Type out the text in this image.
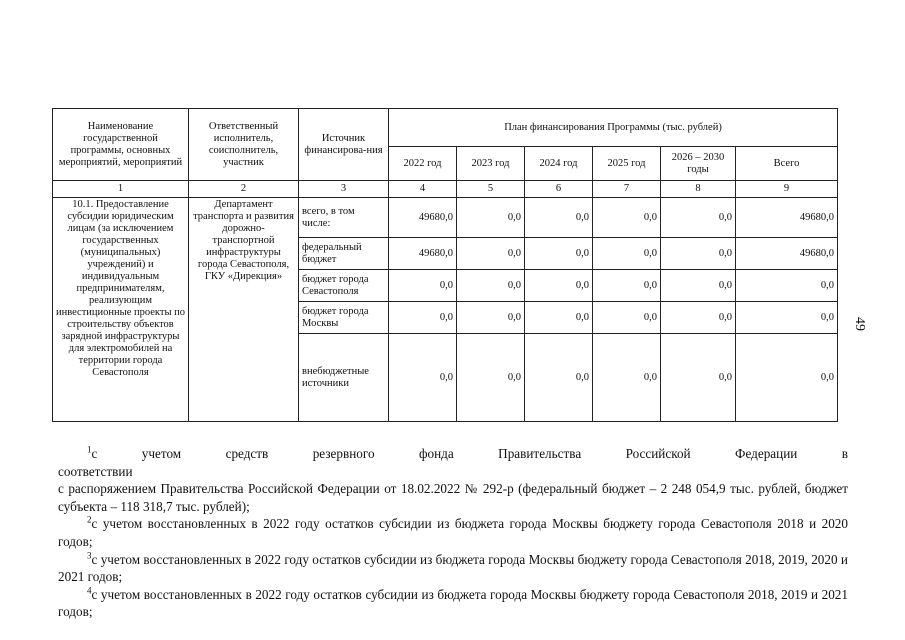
Наименование государственной программы, основных мероприятий, мероприятий	Ответственный исполнитель, соисполнитель, участник	Источник финансирова-ния	План финансирования Программы (тыс. рублей)					
			2022 год	2023 год	2024 год	2025 год	2026 – 2030 годы	Всего
1	2	3	4	5	6	7	8	9
10.1. Предоставление субсидии юридическим лицам (за исключением государственных (муниципальных) учреждений) и индивидуальным предпринимателям, реализующим инвестиционные проекты по строительству объектов зарядной инфраструктуры для электромобилей на территории города Севастополя	Департамент транспорта и развития дорожно-транспортной инфраструктуры города Севастополя, ГКУ «Дирекция»	всего, в том числе:	49680,0	0,0	0,0	0,0	0,0	49680,0
		федеральный бюджет	49680,0	0,0	0,0	0,0	0,0	49680,0
		бюджет города Севастополя	0,0	0,0	0,0	0,0	0,0	0,0
		бюджет города Москвы	0,0	0,0	0,0	0,0	0,0	0,0
		внебюджетные источники	0,0	0,0	0,0	0,0	0,0	0,0
49

$^1$с учетом средств резервного фонда Правительства Российской Федерации в соответствии

с распоряжением Правительства Российской Федерации от 18.02.2022 № 292-р (федеральный бюджет – 2 248 054,9 тыс. рублей, бюджет субъекта – 118 318,7 тыс. рублей);

$^2$с учетом восстановленных в 2022 году остатков субсидии из бюджета города Москвы бюджету города Севастополя 2018 и 2020 годов;

$^3$с учетом восстановленных в 2022 году остатков субсидии из бюджета города Москвы бюджету города Севастополя 2018, 2019, 2020 и 2021 годов;

$^4$с учетом восстановленных в 2022 году остатков субсидии из бюджета города Москвы бюджету города Севастополя 2018, 2019 и 2021 годов;
